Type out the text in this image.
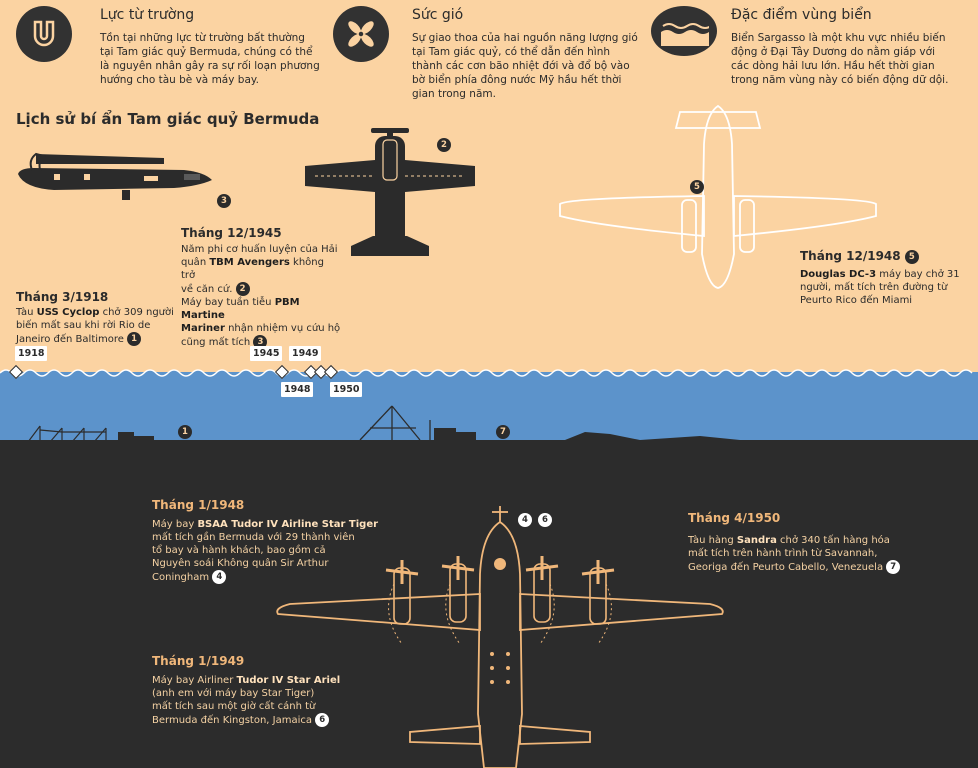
Lực từ trường
Tồn tại những lực từ trường bất thường tại Tam giác quỷ Bermuda, chúng có thể là nguyên nhân gây ra sự rối loạn phương hướng cho tàu bè và máy bay.
Sức gió
Sự giao thoa của hai nguồn năng lượng gió tại Tam giác quỷ, có thể dẫn đến hình thành các cơn bão nhiệt đới và đổ bộ vào bờ biển phía đông nước Mỹ hầu hết thời gian trong năm.
Đặc điểm vùng biển
Biển Sargasso là một khu vực nhiều biến động ở Đại Tây Dương do nằm giáp với các dòng hải lưu lớn. Hầu hết thời gian trong năm vùng này có biến động dữ dội.
Lịch sử bí ẩn Tam giác quỷ Bermuda
3
2
5
Tháng 12/1945
Năm phi cơ huấn luyện của Hải
quân TBM Avengers không trở
về căn cứ. 2
Máy bay tuần tiễu PBM Martine
Mariner nhận nhiệm vụ cứu hộ
cũng mất tích 3
Tháng 3/1918
Tàu USS Cyclop chở 309 người
biến mất sau khi rời Rio de
Janeiro đến Baltimore 1
Tháng 12/1948 5
Douglas DC-3 máy bay chở 31
người, mất tích trên đường từ
Peurto Rico đến Miami
1918	1945	1949
1948	1950
1	7
4	6
Tháng 1/1948
Máy bay BSAA Tudor IV Airline Star Tiger
mất tích gần Bermuda với 29 thành viên
tổ bay và hành khách, bao gồm cả
Nguyên soái Không quân Sir Arthur
Coningham 4
Tháng 1/1949
Máy bay Airliner Tudor IV Star Ariel
(anh em với máy bay Star Tiger)
mất tích sau một giờ cất cánh từ
Bermuda đến Kingston, Jamaica 6
Tháng 4/1950
Tàu hàng Sandra chở 340 tấn hàng hóa
mất tích trên hành trình từ Savannah,
Georiga đến Peurto Cabello, Venezuela 7
